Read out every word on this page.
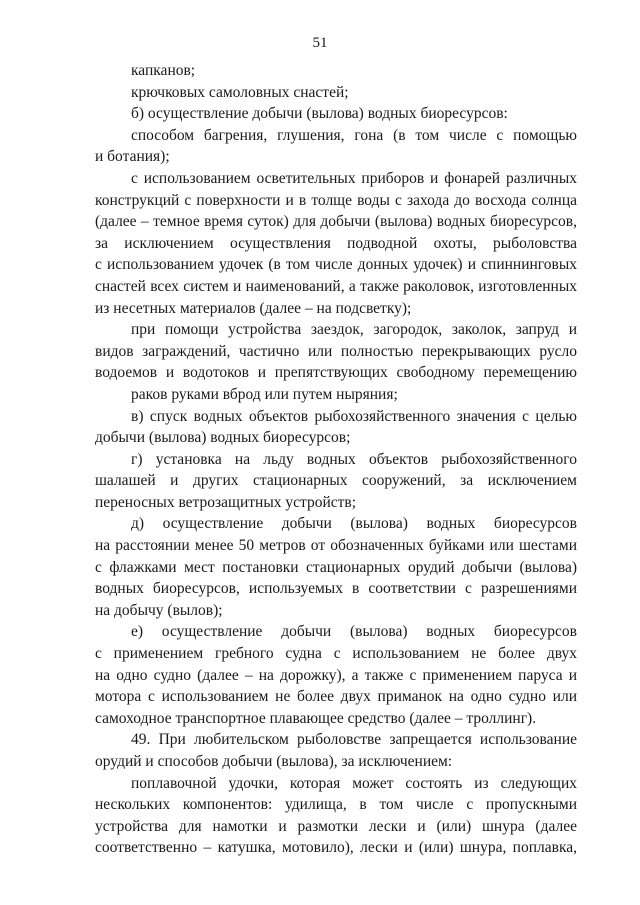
51
капканов;
крючковых самоловных снастей;
б) осуществление добычи (вылова) водных биоресурсов:
способом багрения, глушения, гона (в том числе с помощью
и ботания);
с использованием осветительных приборов и фонарей различных
конструкций с поверхности и в толще воды с захода до восхода солнца
(далее – темное время суток) для добычи (вылова) водных биоресурсов,
за исключением осуществления подводной охоты, рыболовства
с использованием удочек (в том числе донных удочек) и спиннинговых
снастей всех систем и наименований, а также раколовок, изготовленных
из несетных материалов (далее – на подсветку);
при помощи устройства заездок, загородок, заколок, запруд и
видов заграждений, частично или полностью перекрывающих русло
водоемов и водотоков и препятствующих свободному перемещению
раков руками вброд или путем ныряния;
в) спуск водных объектов рыбохозяйственного значения с целью
добычи (вылова) водных биоресурсов;
г) установка на льду водных объектов рыбохозяйственного
шалашей и других стационарных сооружений, за исключением
переносных ветрозащитных устройств;
д) осуществление добычи (вылова) водных биоресурсов
на расстоянии менее 50 метров от обозначенных буйками или шестами
с флажками мест постановки стационарных орудий добычи (вылова)
водных биоресурсов, используемых в соответствии с разрешениями
на добычу (вылов);
е) осуществление добычи (вылова) водных биоресурсов
с применением гребного судна с использованием не более двух
на одно судно (далее – на дорожку), а также с применением паруса и
мотора с использованием не более двух приманок на одно судно или
самоходное транспортное плавающее средство (далее – троллинг).
49. При любительском рыболовстве запрещается использование
орудий и способов добычи (вылова), за исключением:
поплавочной удочки, которая может состоять из следующих
нескольких компонентов: удилища, в том числе с пропускными
устройства для намотки и размотки лески и (или) шнура (далее
соответственно – катушка, мотовило), лески и (или) шнура, поплавка,
